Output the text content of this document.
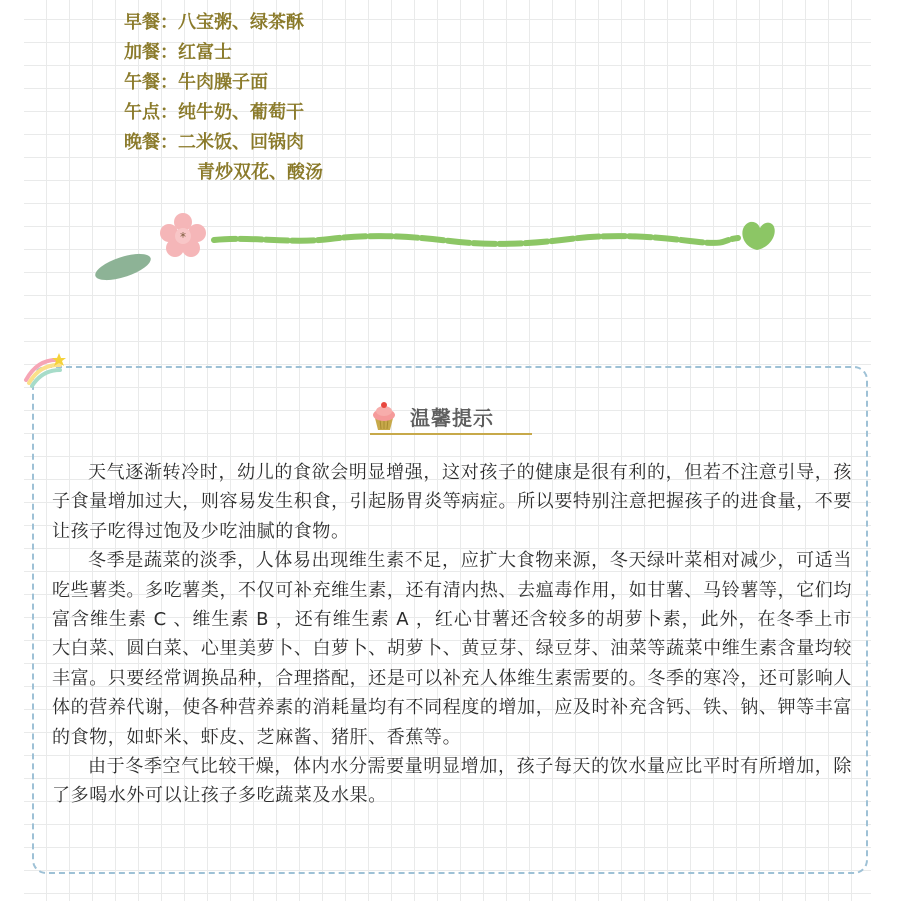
早餐：八宝粥、绿茶酥
加餐：红富士
午餐：牛肉臊子面
午点：纯牛奶、葡萄干
晚餐：二米饭、回锅肉
青炒双花、酸汤
*
温馨提示

天气逐渐转冷时，幼儿的食欲会明显增强，这对孩子的健康是很有利的，但若不注意引导，孩子食量增加过大，则容易发生积食，引起肠胃炎等病症。所以要特别注意把握孩子的进食量，不要让孩子吃得过饱及少吃油腻的食物。

冬季是蔬菜的淡季，人体易出现维生素不足，应扩大食物来源，冬天绿叶菜相对减少，可适当吃些薯类。多吃薯类，不仅可补充维生素，还有清内热、去瘟毒作用，如甘薯、马铃薯等，它们均富含维生素 C 、维生素 B ，还有维生素 A ，红心甘薯还含较多的胡萝卜素，此外，在冬季上市大白菜、圆白菜、心里美萝卜、白萝卜、胡萝卜、黄豆芽、绿豆芽、油菜等蔬菜中维生素含量均较丰富。只要经常调换品种，合理搭配，还是可以补充人体维生素需要的。冬季的寒冷，还可影响人体的营养代谢，使各种营养素的消耗量均有不同程度的增加，应及时补充含钙、铁、钠、钾等丰富的食物，如虾米、虾皮、芝麻酱、猪肝、香蕉等。

由于冬季空气比较干燥，体内水分需要量明显增加，孩子每天的饮水量应比平时有所增加，除了多喝水外可以让孩子多吃蔬菜及水果。
